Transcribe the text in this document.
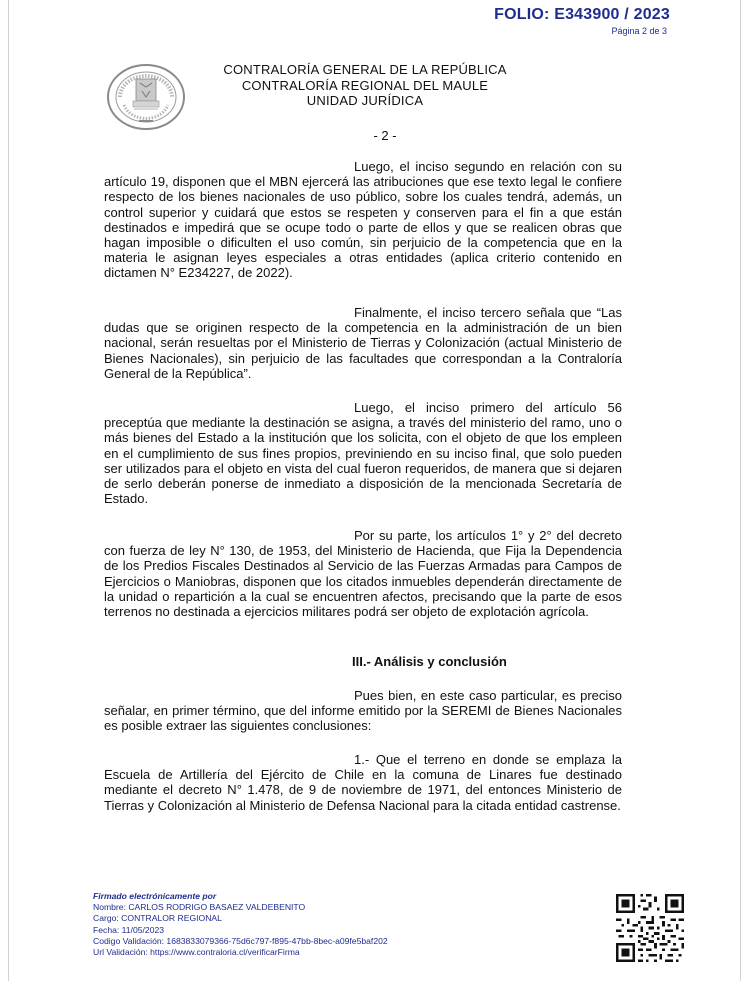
FOLIO: E343900 / 2023
Página 2 de 3
CONTRALORÍA GENERAL DE LA REPÚBLICA
CONTRALORÍA REGIONAL DEL MAULE
UNIDAD JURÍDICA
- 2 -

Luego, el inciso segundo en relación con su artículo 19, disponen que el MBN ejercerá las atribuciones que ese texto legal le confiere respecto de los bienes nacionales de uso público, sobre los cuales tendrá, además, un control superior y cuidará que estos se respeten y conserven para el fin a que están destinados e impedirá que se ocupe todo o parte de ellos y que se realicen obras que hagan imposible o dificulten el uso común, sin perjuicio de la competencia que en la materia le asignan leyes especiales a otras entidades (aplica criterio contenido en dictamen N° E234227, de 2022).

Finalmente, el inciso tercero señala que “Las dudas que se originen respecto de la competencia en la administración de un bien nacional, serán resueltas por el Ministerio de Tierras y Colonización (actual Ministerio de Bienes Nacionales), sin perjuicio de las facultades que correspondan a la Contraloría General de la República”.

Luego, el inciso primero del artículo 56 preceptúa que mediante la destinación se asigna, a través del ministerio del ramo, uno o más bienes del Estado a la institución que los solicita, con el objeto de que los empleen en el cumplimiento de sus fines propios, previniendo en su inciso final, que solo pueden ser utilizados para el objeto en vista del cual fueron requeridos, de manera que si dejaren de serlo deberán ponerse de inmediato a disposición de la mencionada Secretaría de Estado.

Por su parte, los artículos 1° y 2° del decreto con fuerza de ley N° 130, de 1953, del Ministerio de Hacienda, que Fija la Dependencia de los Predios Fiscales Destinados al Servicio de las Fuerzas Armadas para Campos de Ejercicios o Maniobras, disponen que los citados inmuebles dependerán directamente de la unidad o repartición a la cual se encuentren afectos, precisando que la parte de esos terrenos no destinada a ejercicios militares podrá ser objeto de explotación agrícola.

III.- Análisis y conclusión

Pues bien, en este caso particular, es preciso señalar, en primer término, que del informe emitido por la SEREMI de Bienes Nacionales es posible extraer las siguientes conclusiones:

1.- Que el terreno en donde se emplaza la Escuela de Artillería del Ejército de Chile en la comuna de Linares fue destinado mediante el decreto N° 1.478, de 9 de noviembre de 1971, del entonces Ministerio de Tierras y Colonización al Ministerio de Defensa Nacional para la citada entidad castrense.

Firmado electrónicamente por
Nombre: CARLOS RODRIGO BASAEZ VALDEBENITO
Cargo: CONTRALOR REGIONAL
Fecha: 11/05/2023
Codigo Validación: 1683833079366-75d6c797-f895-47bb-8bec-a09fe5baf202
Url Validación: https://www.contraloria.cl/verificarFirma
